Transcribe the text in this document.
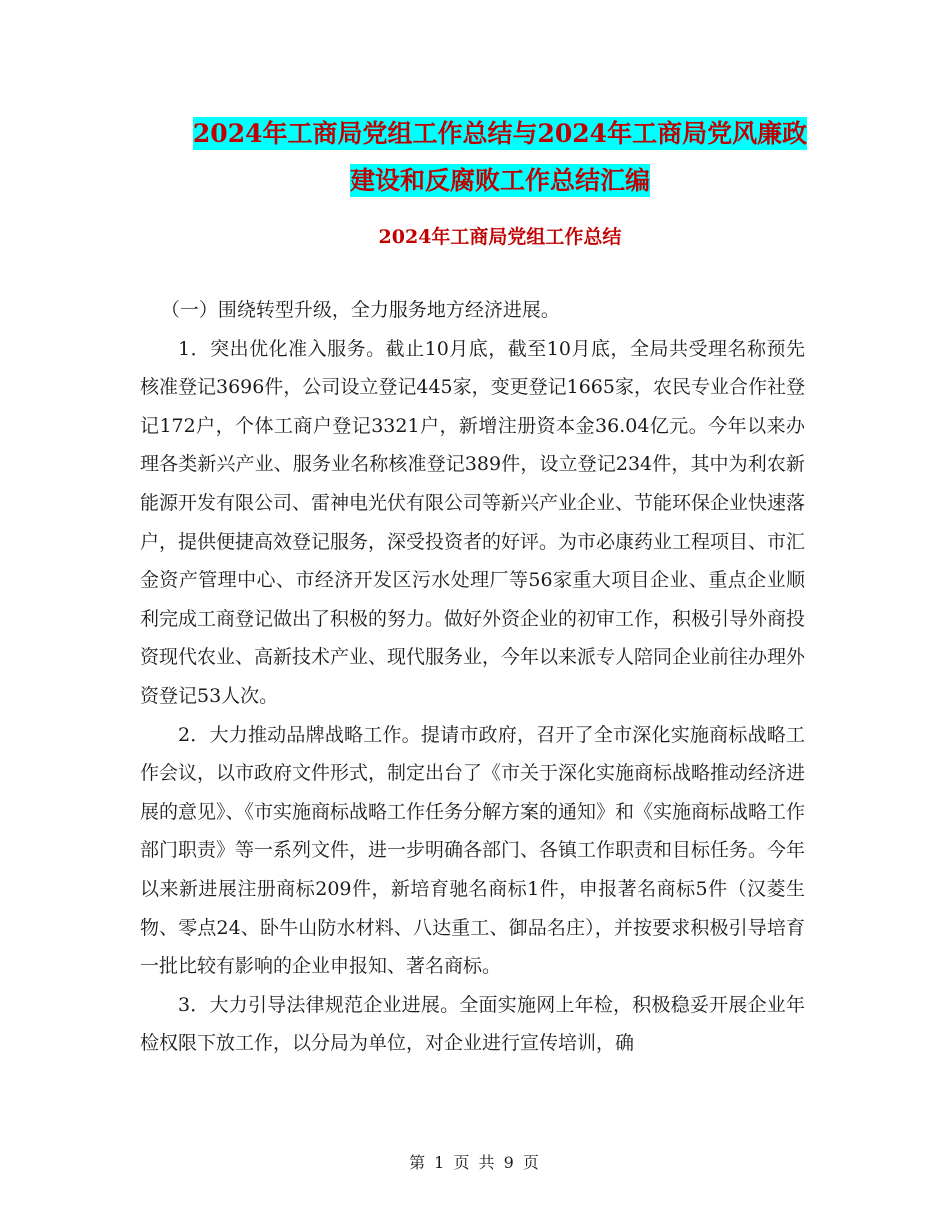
2024年工商局党组工作总结与2024年工商局党风廉政
建设和反腐败工作总结汇编
2024年工商局党组工作总结

（一）围绕转型升级，全力服务地方经济进展。

1．突出优化准入服务。截止10月底，截至10月底，全局共受理名称预先核准登记3696件，公司设立登记445家，变更登记1665家，农民专业合作社登记172户，个体工商户登记3321户，新增注册资本金36.04亿元。今年以来办理各类新兴产业、服务业名称核准登记389件，设立登记234件，其中为利农新能源开发有限公司、雷神电光伏有限公司等新兴产业企业、节能环保企业快速落户，提供便捷高效登记服务，深受投资者的好评。为市必康药业工程项目、市汇金资产管理中心、市经济开发区污水处理厂等56家重大项目企业、重点企业顺利完成工商登记做出了积极的努力。做好外资企业的初审工作，积极引导外商投资现代农业、高新技术产业、现代服务业，今年以来派专人陪同企业前往办理外资登记53人次。

2．大力推动品牌战略工作。提请市政府，召开了全市深化实施商标战略工作会议，以市政府文件形式，制定出台了《市关于深化实施商标战略推动经济进展的意见》、《市实施商标战略工作任务分解方案的通知》和《实施商标战略工作部门职责》等一系列文件，进一步明确各部门、各镇工作职责和目标任务。今年以来新进展注册商标209件，新培育驰名商标1件，申报著名商标5件（汉菱生物、零点24、卧牛山防水材料、八达重工、御品名庄），并按要求积极引导培育一批比较有影响的企业申报知、著名商标。

3．大力引导法律规范企业进展。全面实施网上年检，积极稳妥开展企业年检权限下放工作，以分局为单位，对企业进行宣传培训，确

第 1 页 共 9 页
